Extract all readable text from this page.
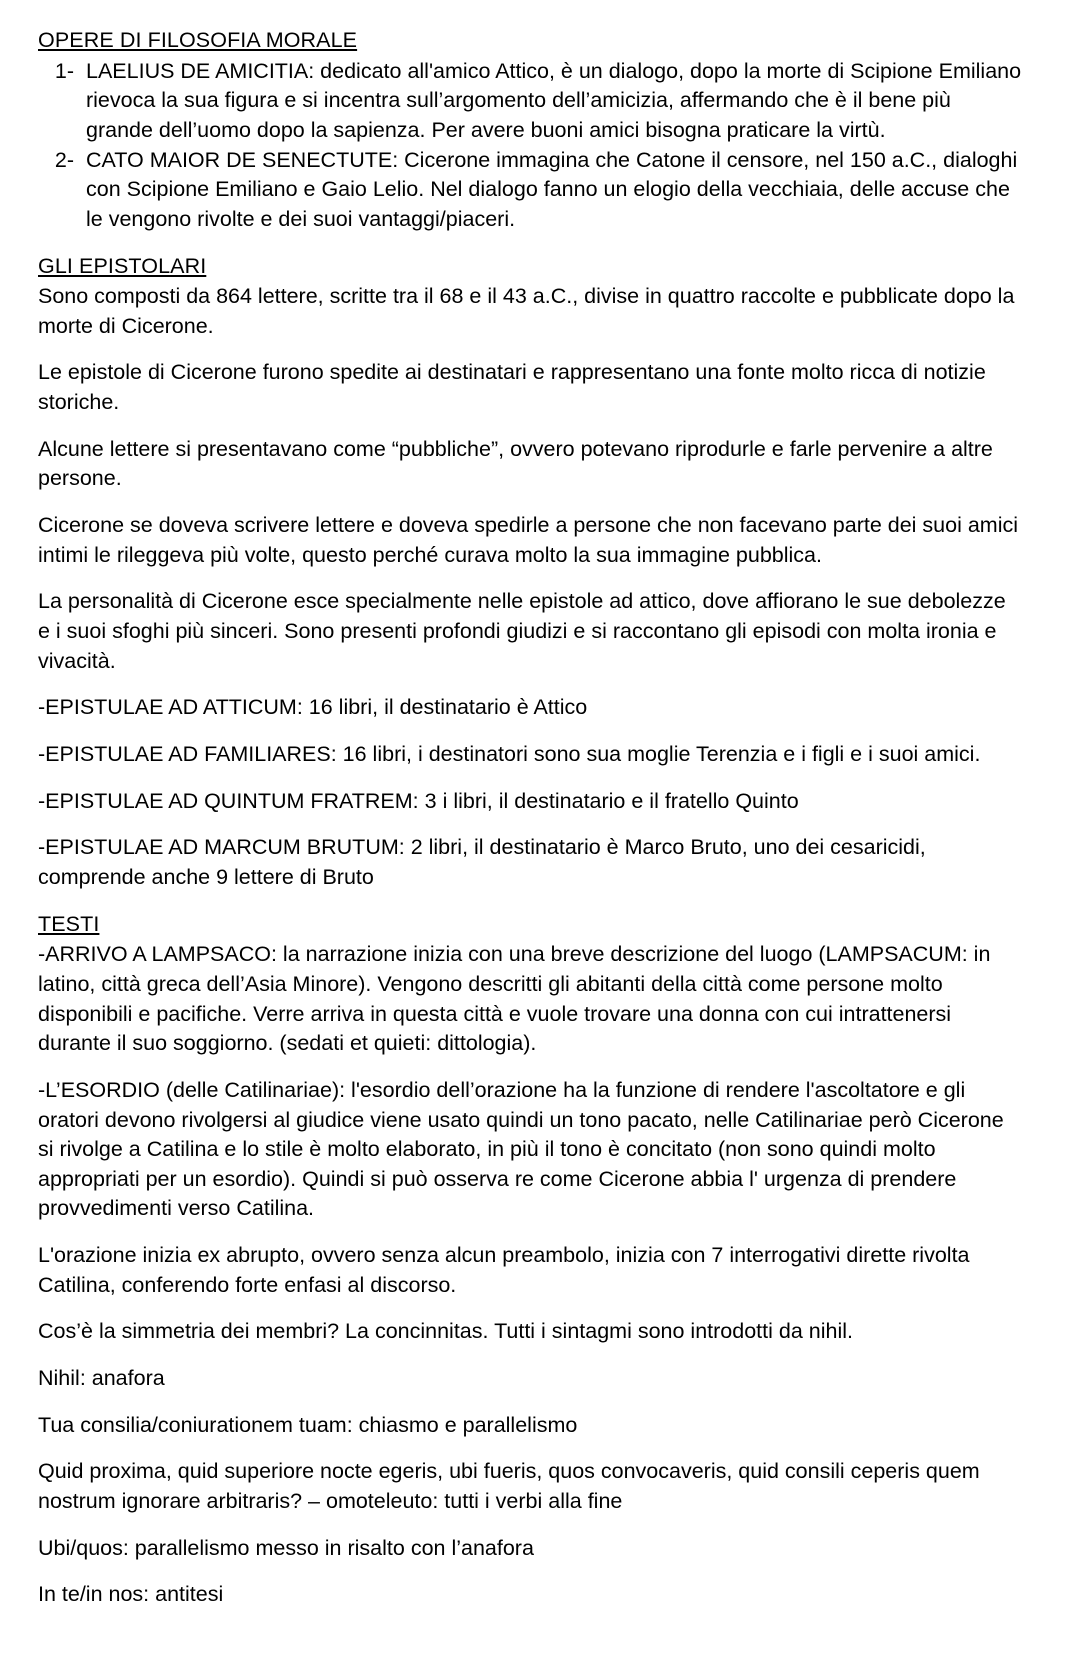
OPERE DI FILOSOFIA MORALE
1- LAELIUS DE AMICITIA: dedicato all'amico Attico, è un dialogo, dopo la morte di Scipione Emiliano rievoca la sua figura e si incentra sull’argomento dell’amicizia, affermando che è il bene più grande dell’uomo dopo la sapienza. Per avere buoni amici bisogna praticare la virtù.
2- CATO MAIOR DE SENECTUTE: Cicerone immagina che Catone il censore, nel 150 a.C., dialoghi con Scipione Emiliano e Gaio Lelio. Nel dialogo fanno un elogio della vecchiaia, delle accuse che le vengono rivolte e dei suoi vantaggi/piaceri.
GLI EPISTOLARI

Sono composti da 864 lettere, scritte tra il 68 e il 43 a.C., divise in quattro raccolte e pubblicate dopo la morte di Cicerone.

Le epistole di Cicerone furono spedite ai destinatari e rappresentano una fonte molto ricca di notizie storiche.

Alcune lettere si presentavano come “pubbliche”, ovvero potevano riprodurle e farle pervenire a altre persone.

Cicerone se doveva scrivere lettere e doveva spedirle a persone che non facevano parte dei suoi amici intimi le rileggeva più volte, questo perché curava molto la sua immagine pubblica.

La personalità di Cicerone esce specialmente nelle epistole ad attico, dove affiorano le sue debolezze e i suoi sfoghi più sinceri. Sono presenti profondi giudizi e si raccontano gli episodi con molta ironia e vivacità.

-EPISTULAE AD ATTICUM: 16 libri, il destinatario è Attico

-EPISTULAE AD FAMILIARES: 16 libri, i destinatori sono sua moglie Terenzia e i figli e i suoi amici.

-EPISTULAE AD QUINTUM FRATREM: 3 i libri, il destinatario e il fratello Quinto

-EPISTULAE AD MARCUM BRUTUM: 2 libri, il destinatario è Marco Bruto, uno dei cesaricidi, comprende anche 9 lettere di Bruto

TESTI

-ARRIVO A LAMPSACO: la narrazione inizia con una breve descrizione del luogo (LAMPSACUM: in latino, città greca dell’Asia Minore). Vengono descritti gli abitanti della città come persone molto disponibili e pacifiche. Verre arriva in questa città e vuole trovare una donna con cui intrattenersi durante il suo soggiorno. (sedati et quieti: dittologia).

-L’ESORDIO (delle Catilinariae): l'esordio dell’orazione ha la funzione di rendere l'ascoltatore e gli oratori devono rivolgersi al giudice viene usato quindi un tono pacato, nelle Catilinariae però Cicerone si rivolge a Catilina e lo stile è molto elaborato, in più il tono è concitato (non sono quindi molto appropriati per un esordio). Quindi si può osserva re come Cicerone abbia l' urgenza di prendere provvedimenti verso Catilina.

L'orazione inizia ex abrupto, ovvero senza alcun preambolo, inizia con 7 interrogativi dirette rivolta Catilina, conferendo forte enfasi al discorso.

Cos’è la simmetria dei membri? La concinnitas. Tutti i sintagmi sono introdotti da nihil.

Nihil: anafora

Tua consilia/coniurationem tuam: chiasmo e parallelismo

Quid proxima, quid superiore nocte egeris, ubi fueris, quos convocaveris, quid consili ceperis quem nostrum ignorare arbitraris? – omoteleuto: tutti i verbi alla fine

Ubi/quos: parallelismo messo in risalto con l’anafora

In te/in nos: antitesi
